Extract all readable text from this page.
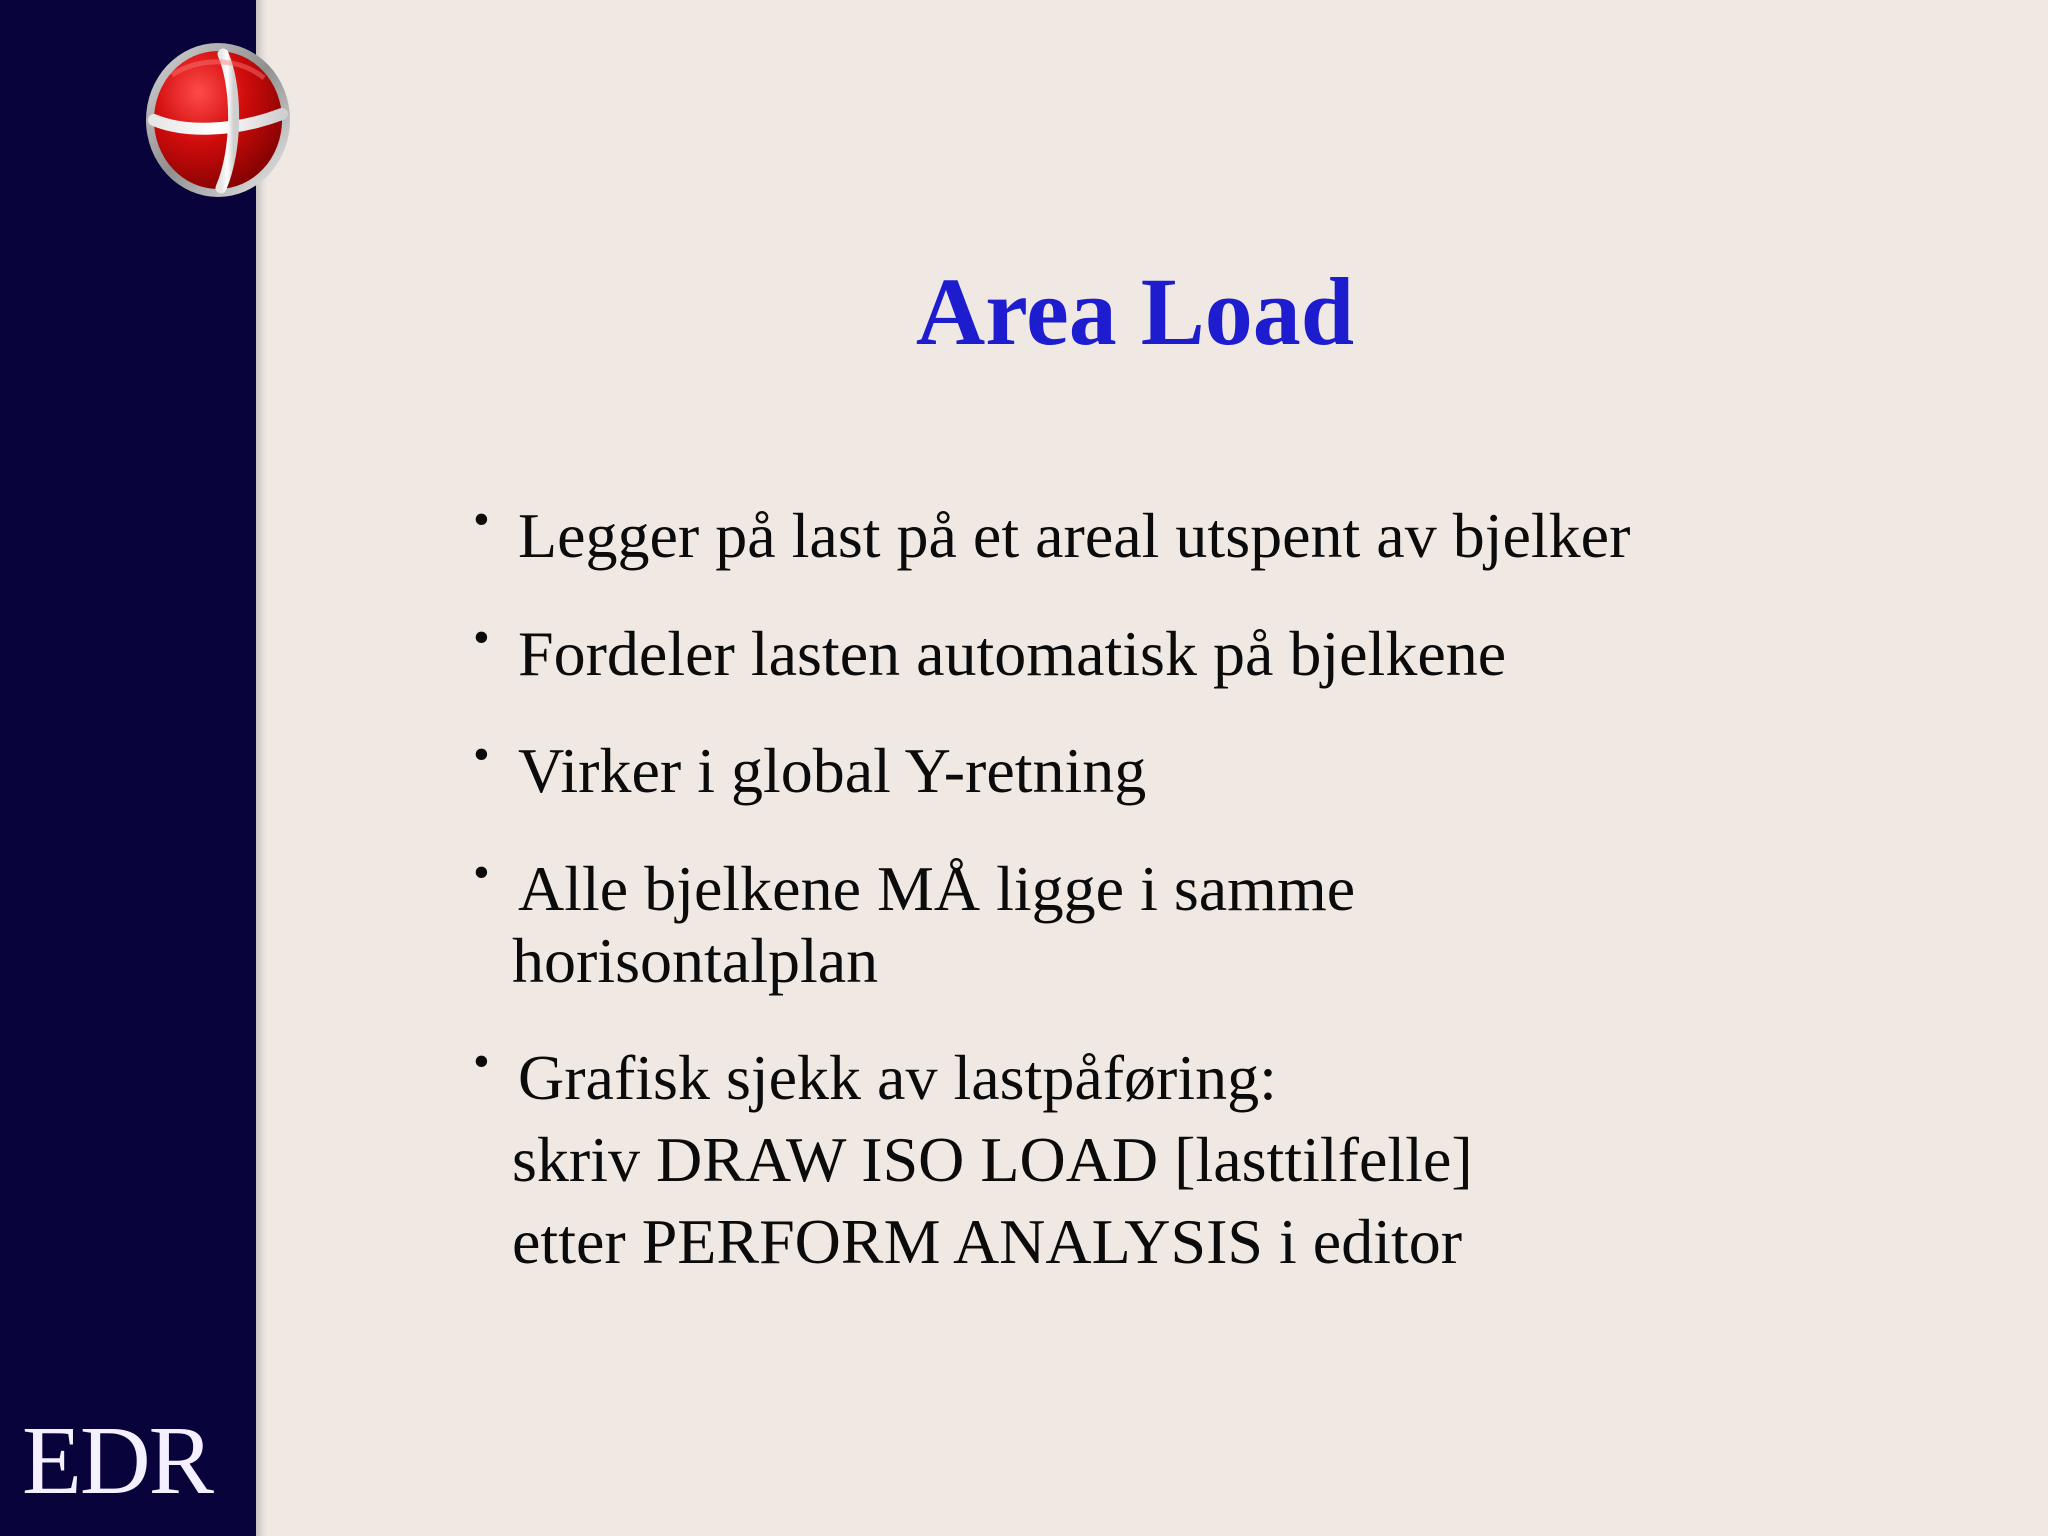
EDR
Area Load
• Legger på last på et areal utspent av bjelker
• Fordeler lasten automatisk på bjelkene
• Virker i global Y-retning
• Alle bjelkene MÅ ligge i samme
horisontalplan
• Grafisk sjekk av lastpåføring:
skriv DRAW ISO LOAD [lasttilfelle]
etter PERFORM ANALYSIS i editor
